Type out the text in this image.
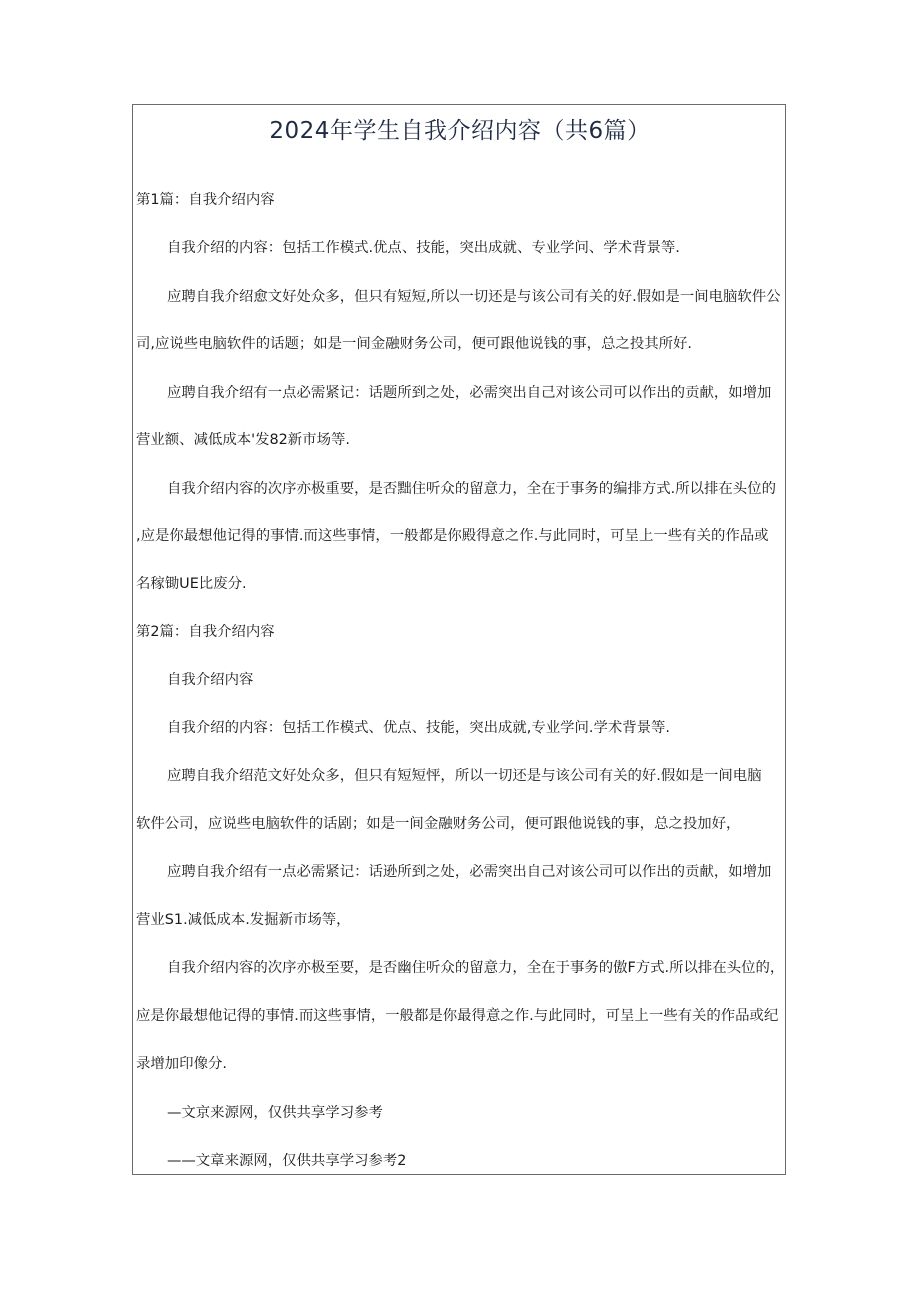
2024年学生自我介绍内容（共6篇）
第1篇：自我介绍内容
自我介绍的内容：包括工作模式.优点、技能，突出成就、专业学问、学术背景等.
应聘自我介绍愈文好处众多，但只有短短,所以一切还是与该公司有关的好.假如是一间电脑软件公
司,应说些电脑软件的话题；如是一间金融财务公司，便可跟他说钱的事，总之投其所好.
应聘自我介绍有一点必需紧记：话题所到之处，必需突出自己对该公司可以作出的贡献，如增加
营业额、减低成本'发82新市场等.
自我介绍内容的次序亦极重要，是否黜住听众的留意力，全在于事务的编排方式.所以排在头位的
,应是你最想他记得的事情.而这些事情，一般都是你殿得意之作.与此同时，可呈上一些有关的作品或
名稼锄UE比废分.
第2篇：自我介绍内容
自我介绍内容
自我介绍的内容：包括工作模式、优点、技能，突出成就,专业学问.学术背景等.
应聘自我介绍范文好处众多，但只有短短怦，所以一切还是与该公司有关的好.假如是一间电脑
软件公司，应说些电脑软件的话剧；如是一间金融财务公司，便可跟他说钱的事，总之投加好，
应聘自我介绍有一点必需紧记：话逊所到之处，必需突出自己对该公司可以作出的贡献，如增加
营业S1.减低成本.发掘新市场等，
自我介绍内容的次序亦极至要，是否幽住听众的留意力，全在于事务的傲F方式.所以排在头位的，
应是你最想他记得的事情.而这些事情，一般都是你最得意之作.与此同时，可呈上一些有关的作品或纪
录增加印像分.
—文京来源网，仅供共享学习参考
——文章来源网，仅供共享学习参考2
